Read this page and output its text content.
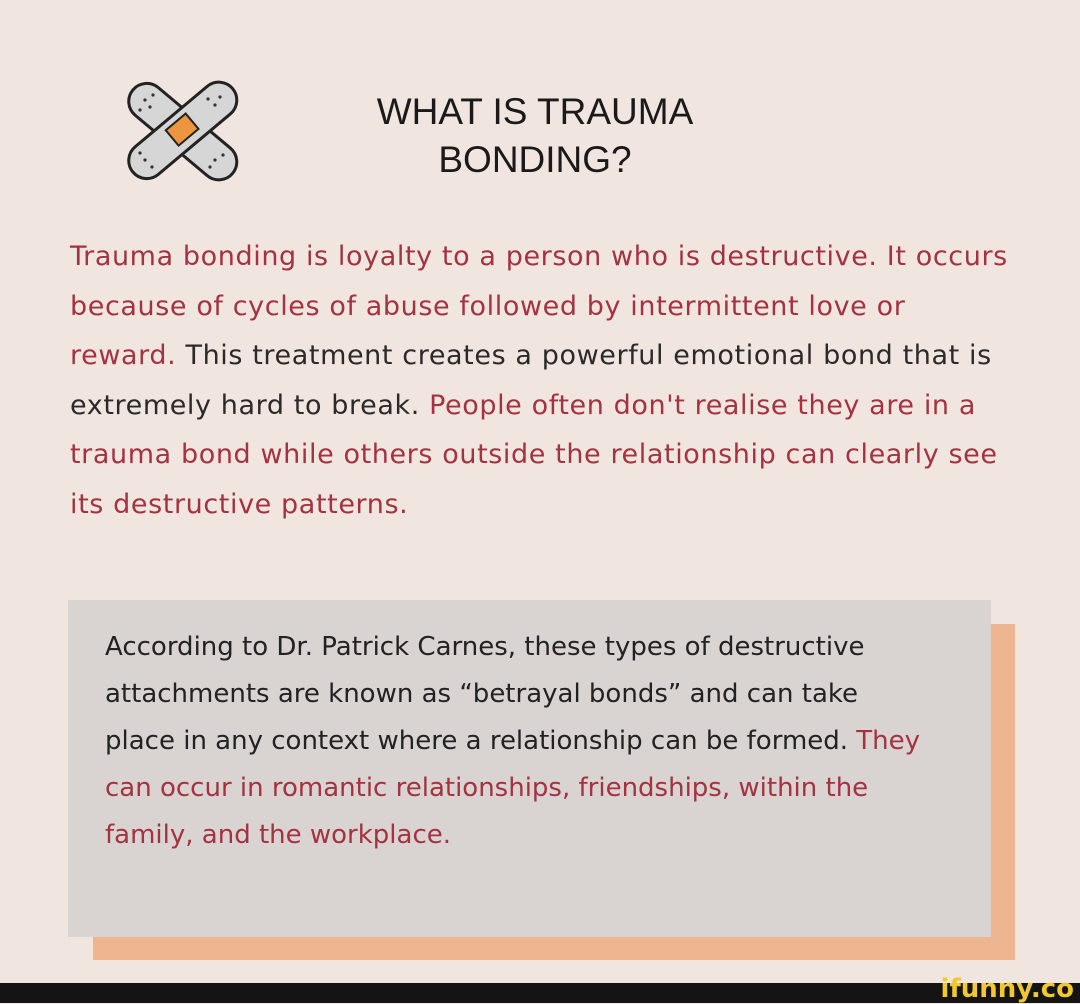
WHAT IS TRAUMA
BONDING?

Trauma bonding is loyalty to a person who is destructive. It occurs because of cycles of abuse followed by intermittent love or reward. This treatment creates a powerful emotional bond that is extremely hard to break. People often don't realise they are in a trauma bond while others outside the relationship can clearly see its destructive patterns.

According to Dr. Patrick Carnes, these types of destructive attachments are known as “betrayal bonds” and can take place in any context where a relationship can be formed. They can occur in romantic relationships, friendships, within the family, and the workplace.

ifunny.co
